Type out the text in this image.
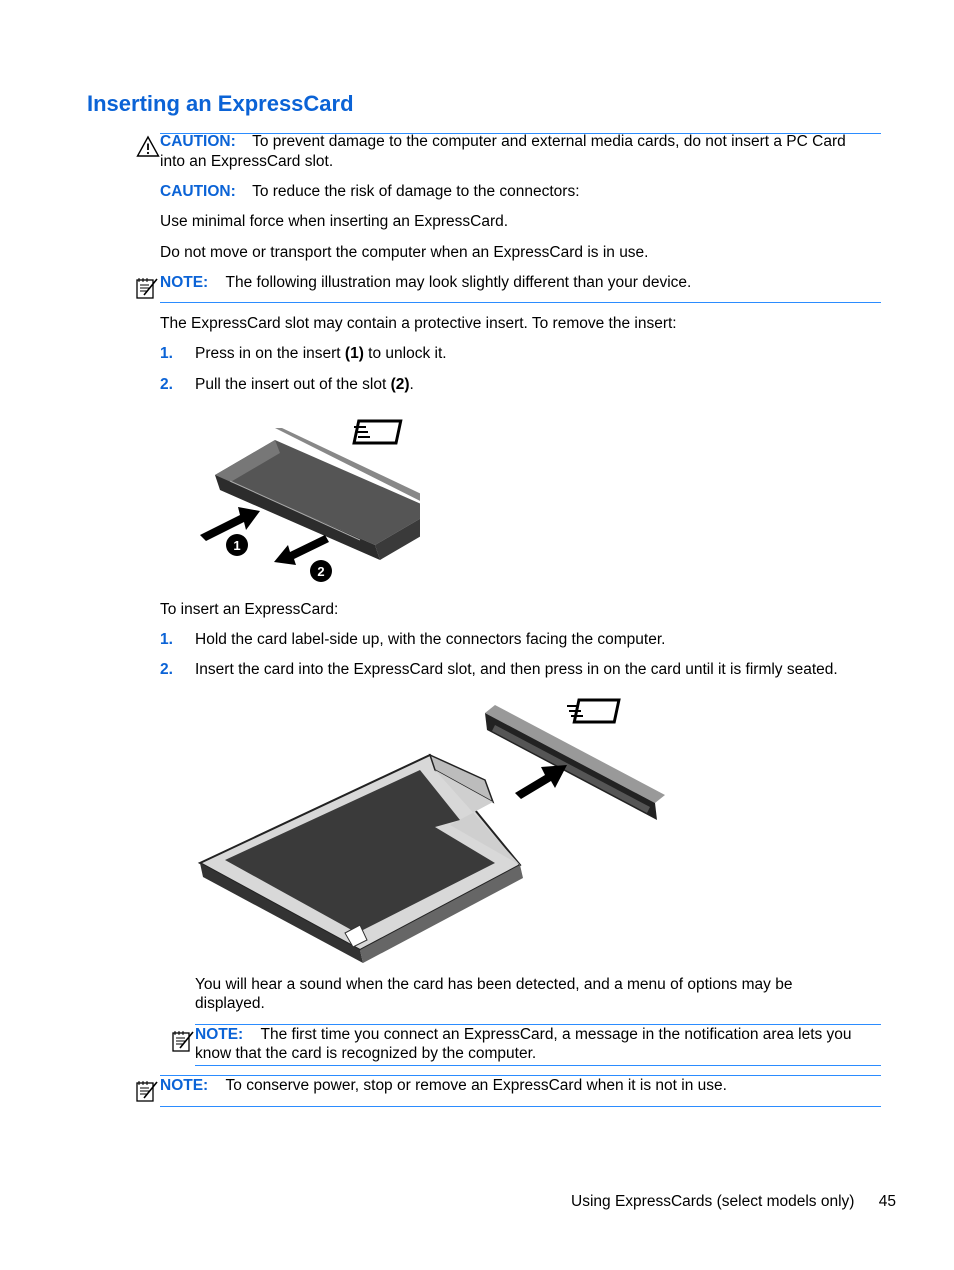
Inserting an ExpressCard
CAUTION: To prevent damage to the computer and external media cards, do not insert a PC Card
into an ExpressCard slot.
CAUTION: To reduce the risk of damage to the connectors:
Use minimal force when inserting an ExpressCard.
Do not move or transport the computer when an ExpressCard is in use.
NOTE: The following illustration may look slightly different than your device.
The ExpressCard slot may contain a protective insert. To remove the insert:
1. Press in on the insert (1) to unlock it.
2. Pull the insert out of the slot (2).
1
2
To insert an ExpressCard:
1. Hold the card label-side up, with the connectors facing the computer.
2. Insert the card into the ExpressCard slot, and then press in on the card until it is firmly seated.
You will hear a sound when the card has been detected, and a menu of options may be
displayed.
NOTE: The first time you connect an ExpressCard, a message in the notification area lets you
know that the card is recognized by the computer.
NOTE: To conserve power, stop or remove an ExpressCard when it is not in use.
Using ExpressCards (select models only) 45
